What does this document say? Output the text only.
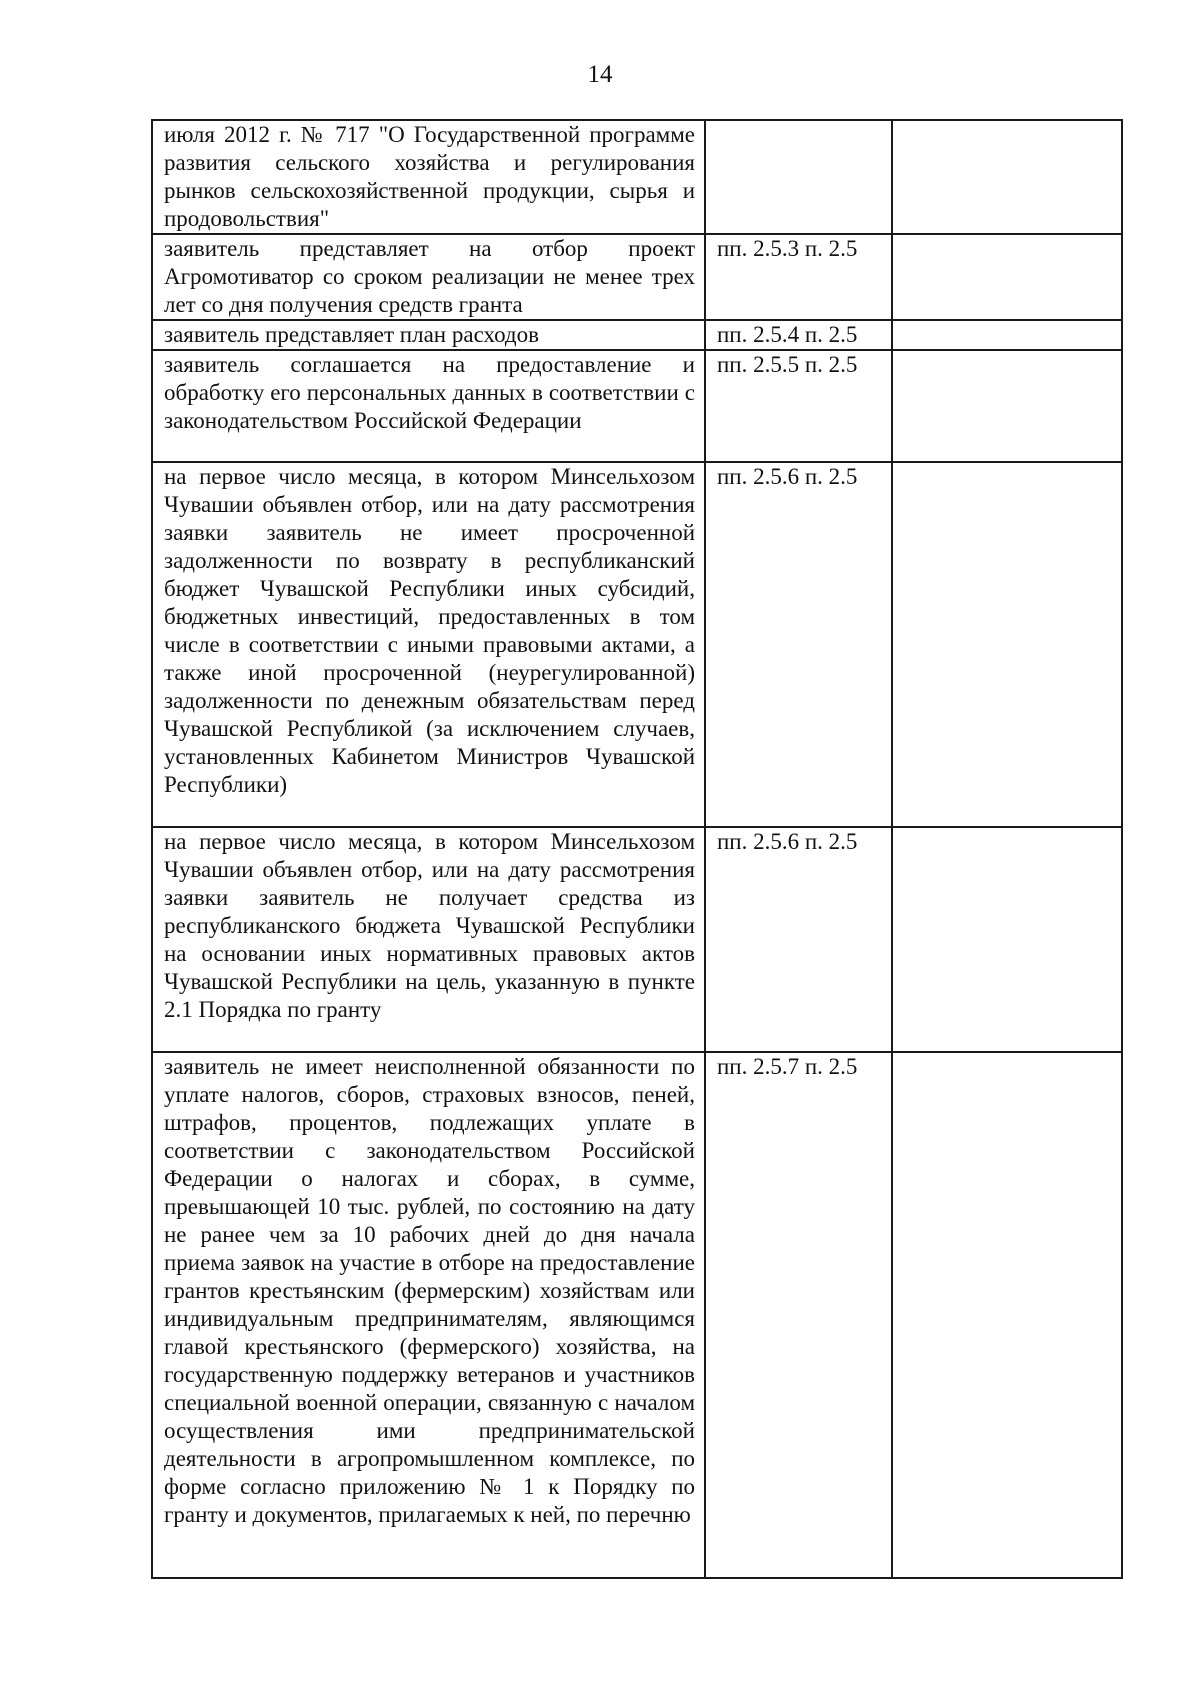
14
июля 2012 г. № 717 "О Государственной программе развития сельского хозяйства и регулирования рынков сельскохозяйственной продукции, сырья и продовольствия"		
заявитель представляет на отбор проект Агромотиватор со сроком реализации не менее трех лет со дня получения средств гранта	пп. 2.5.3 п. 2.5	
заявитель представляет план расходов	пп. 2.5.4 п. 2.5	
заявитель соглашается на предоставление и обработку его персональных данных в соответствии с законодательством Российской Федерации	пп. 2.5.5 п. 2.5	
на первое число месяца, в котором Минсельхозом Чувашии объявлен отбор, или на дату рассмотрения заявки заявитель не имеет просроченной задолженности по возврату в республиканский бюджет Чувашской Республики иных субсидий, бюджетных инвестиций, предоставленных в том числе в соответствии с иными правовыми актами, а также иной просроченной (неурегулированной) задолженности по денежным обязательствам перед Чувашской Республикой (за исключением случаев, установленных Кабинетом Министров Чувашской Республики)	пп. 2.5.6 п. 2.5	
на первое число месяца, в котором Минсельхозом Чувашии объявлен отбор, или на дату рассмотрения заявки заявитель не получает средства из республиканского бюджета Чувашской Республики на основании иных нормативных правовых актов Чувашской Республики на цель, указанную в пункте 2.1 Порядка по гранту	пп. 2.5.6 п. 2.5	
заявитель не имеет неисполненной обязанности по уплате налогов, сборов, страховых взносов, пеней, штрафов, процентов, подлежащих уплате в соответствии с законодательством Российской Федерации о налогах и сборах, в сумме, превышающей 10 тыс. рублей, по состоянию на дату не ранее чем за 10 рабочих дней до дня начала приема заявок на участие в отборе на предоставление грантов крестьянским (фермерским) хозяйствам или индивидуальным предпринимателям, являющимся главой крестьянского (фермерского) хозяйства, на государственную поддержку ветеранов и участников специальной военной операции, связанную с началом осуществления ими предпринимательской деятельности в агропромышленном комплексе, по форме согласно приложению № 1 к Порядку по гранту и документов, прилагаемых к ней, по перечню	пп. 2.5.7 п. 2.5	
